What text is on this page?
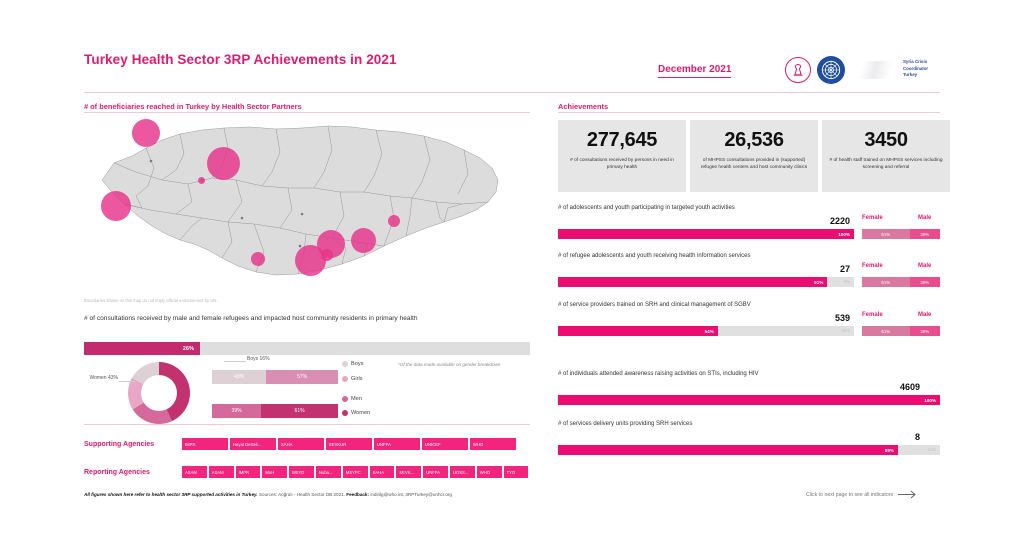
Turkey Health Sector 3RP Achievements in 2021
December 2021
Syria Crisis
Coordinator
Turkey
# of beneficiaries reached in Turkey by Health Sector Partners
Boundaries shown on this map do not imply official endorsement by UN.
# of consultations received by male and female refugees and impacted host community residents in primary health
26%
Women 43%
Boys 16%
43%	57%
39%	61%
Boys
Girls
Men
Women
*Of the data made available on gender breakdown
Supporting Agencies	IMPR	Hayat Destek...	SAHA	SEVKUR	UNFPA	UNICEF	WHO
Reporting Agencies	ASAM	ASAM	IMPR	MoH	MSYD	Nuba...	MSYPC	SAHA	SEVK...	UNFPA	UOSS...	WHO	TYO
All figures shown here refer to health sector 3RP supported activities in Turkey. Sources: Aoğrulı - Health Sector DB 2021. Feedback: indirilg@who.int, 3RPTurkey@unhcr.org	Click to next page to see all indicators
Achievements
277,645
# of consultations received by persons in need in primary health
26,536
of MHPSS consultations provided in (supported) refugee health centers and host community clinics
3450
# of health staff trained on MHPSS services including screening and referral
# of adolescents and youth participating in targeted youth activities
2220 Female	Male
100%	61%	39%
# of refugee adolescents and youth receiving health information services
27 Female	Male
91%	9%	61%	39%
# of service providers trained on SRH and clinical management of SGBV
539 Female	Male
54%	46%	61%	39%
# of individuals attended awareness raising activities on STIs, including HIV
4609
100%
# of services delivery units providing SRH services
8
89%	11%
